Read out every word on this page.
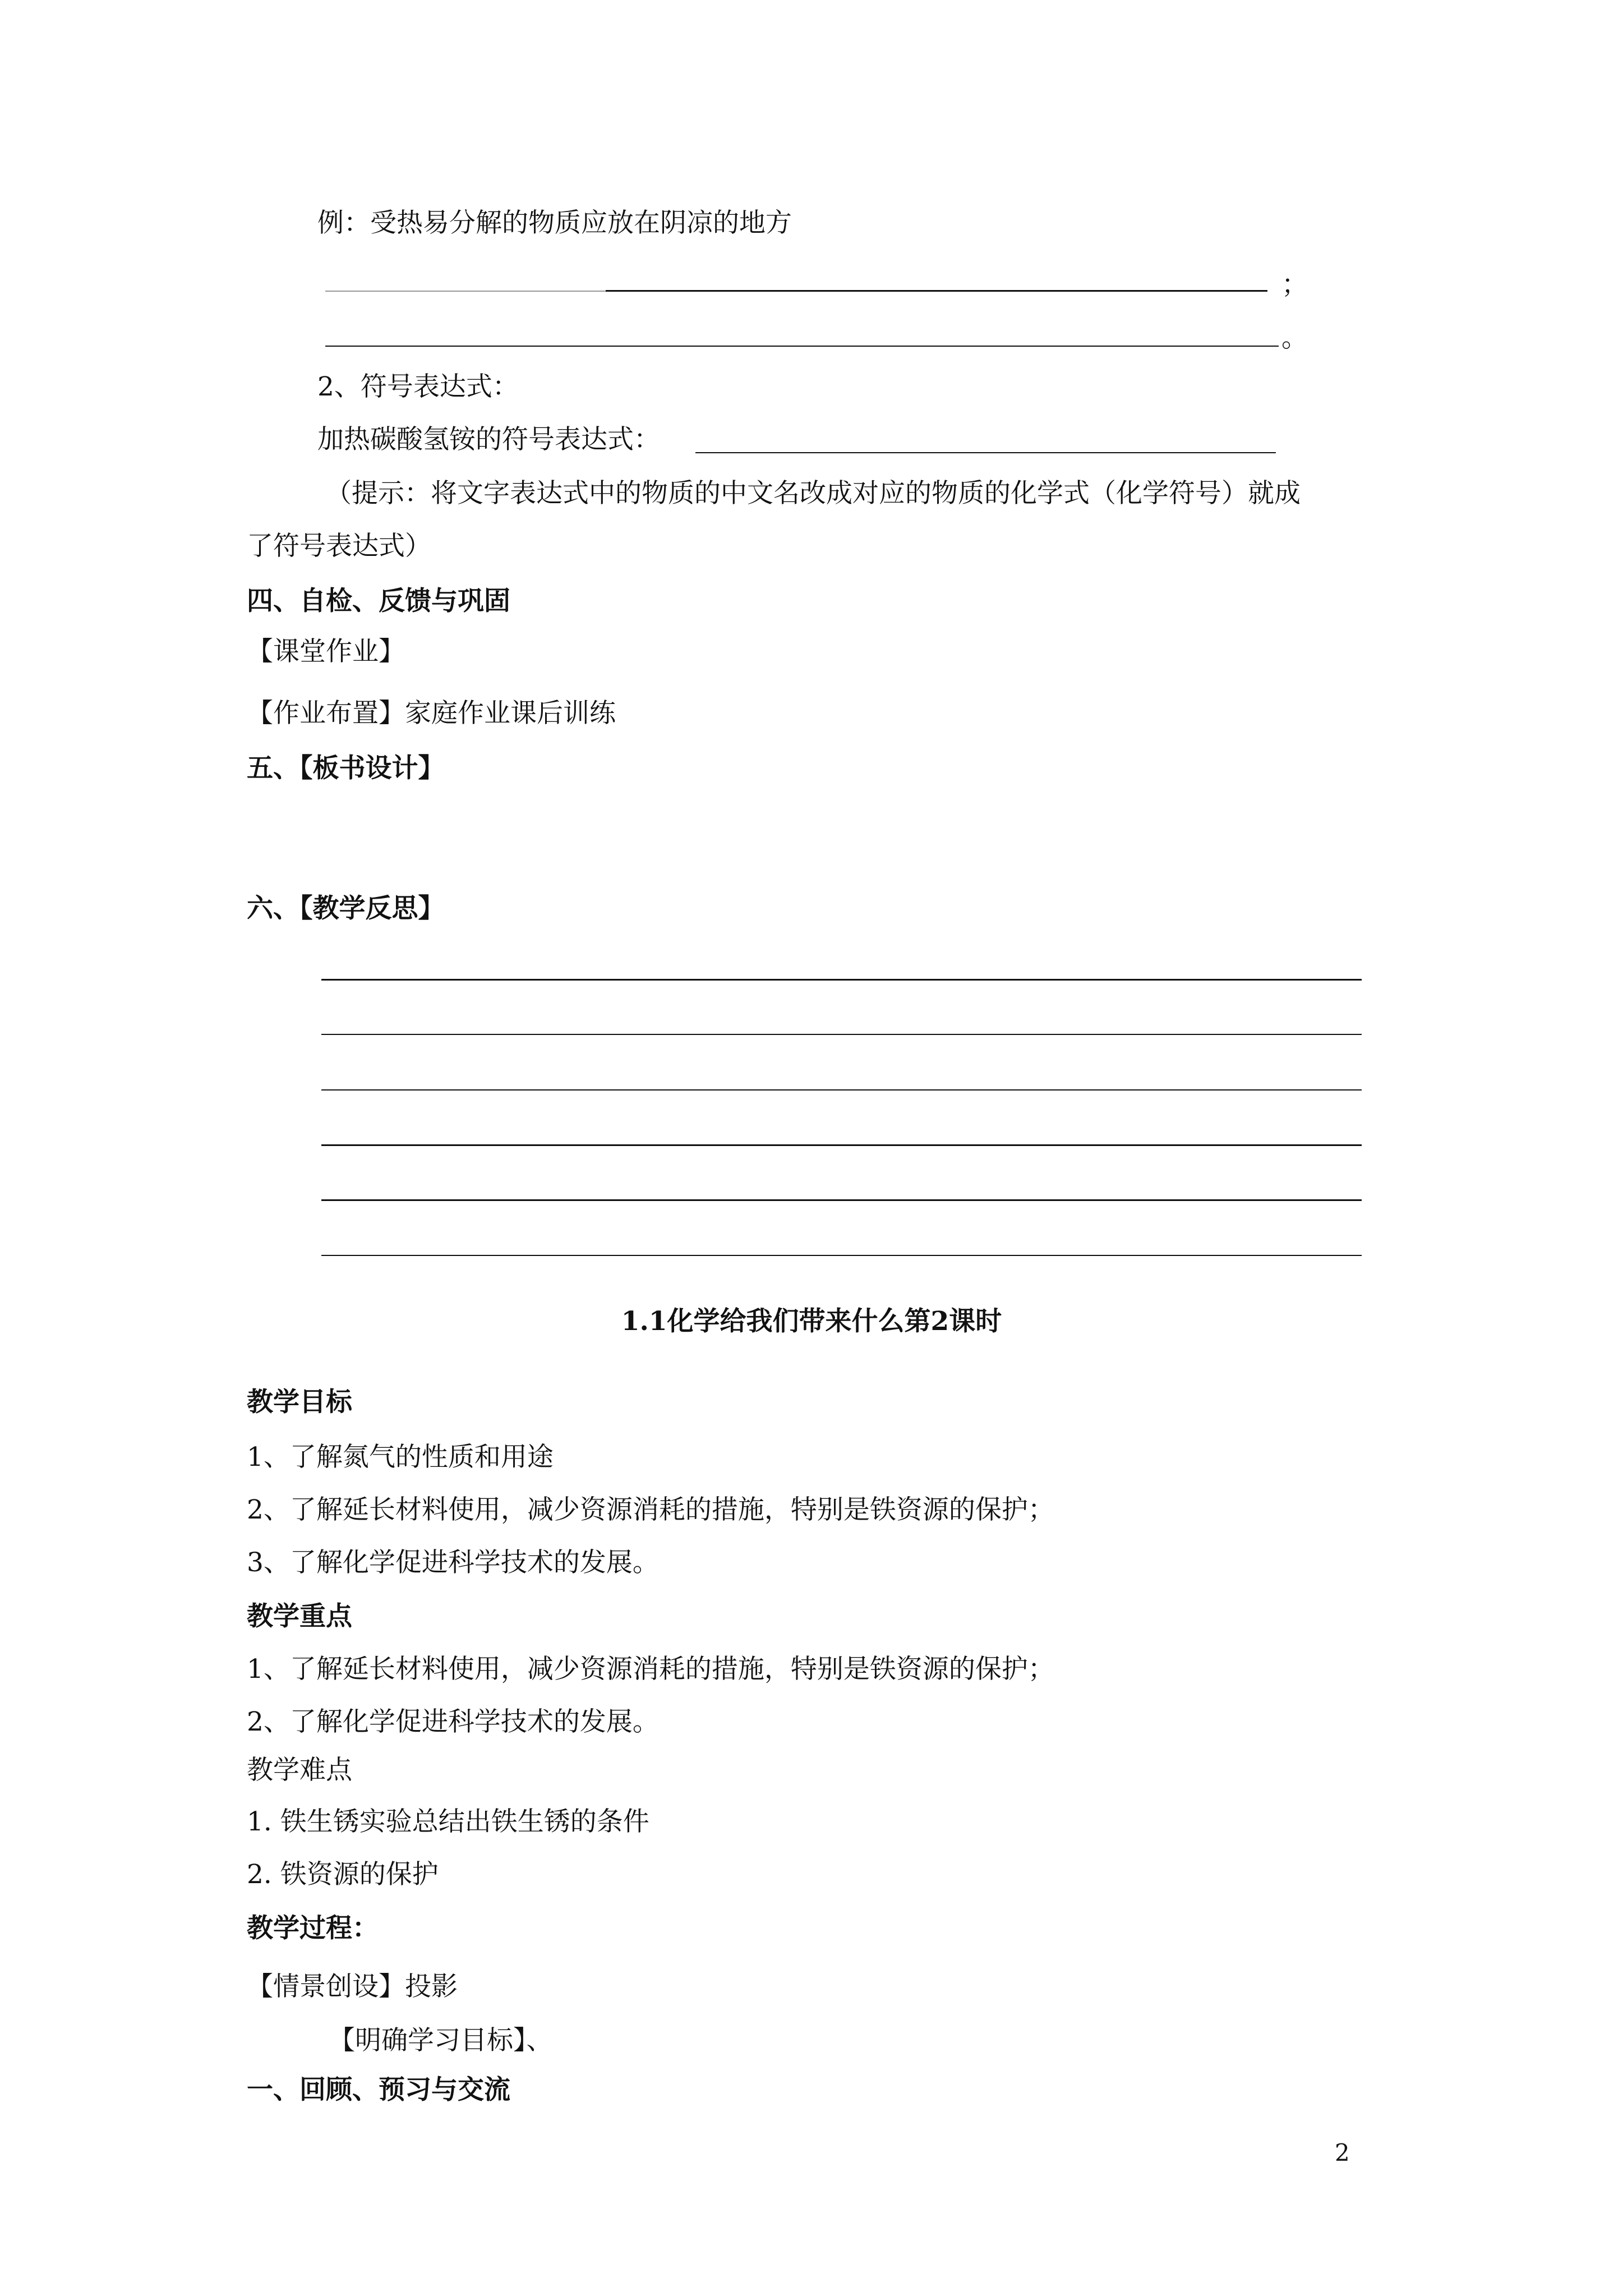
例：受热易分解的物质应放在阴凉的地方
；
。
2、符号表达式：
加热碳酸氢铵的符号表达式：
（提示：将文字表达式中的物质的中文名改成对应的物质的化学式（化学符号）就成
了符号表达式）
四、自检、反馈与巩固
【课堂作业】
【作业布置】家庭作业课后训练
五、【板书设计】
六、【教学反思】
1.1化学给我们带来什么第2课时
教学目标
1、了解氮气的性质和用途
2、了解延长材料使用，减少资源消耗的措施，特别是铁资源的保护；
3、了解化学促进科学技术的发展。
教学重点
1、了解延长材料使用，减少资源消耗的措施，特别是铁资源的保护；
2、了解化学促进科学技术的发展。
教学难点
1. 铁生锈实验总结出铁生锈的条件
2. 铁资源的保护
教学过程：
【情景创设】投影
【明确学习目标】、
一、回顾、预习与交流
2
